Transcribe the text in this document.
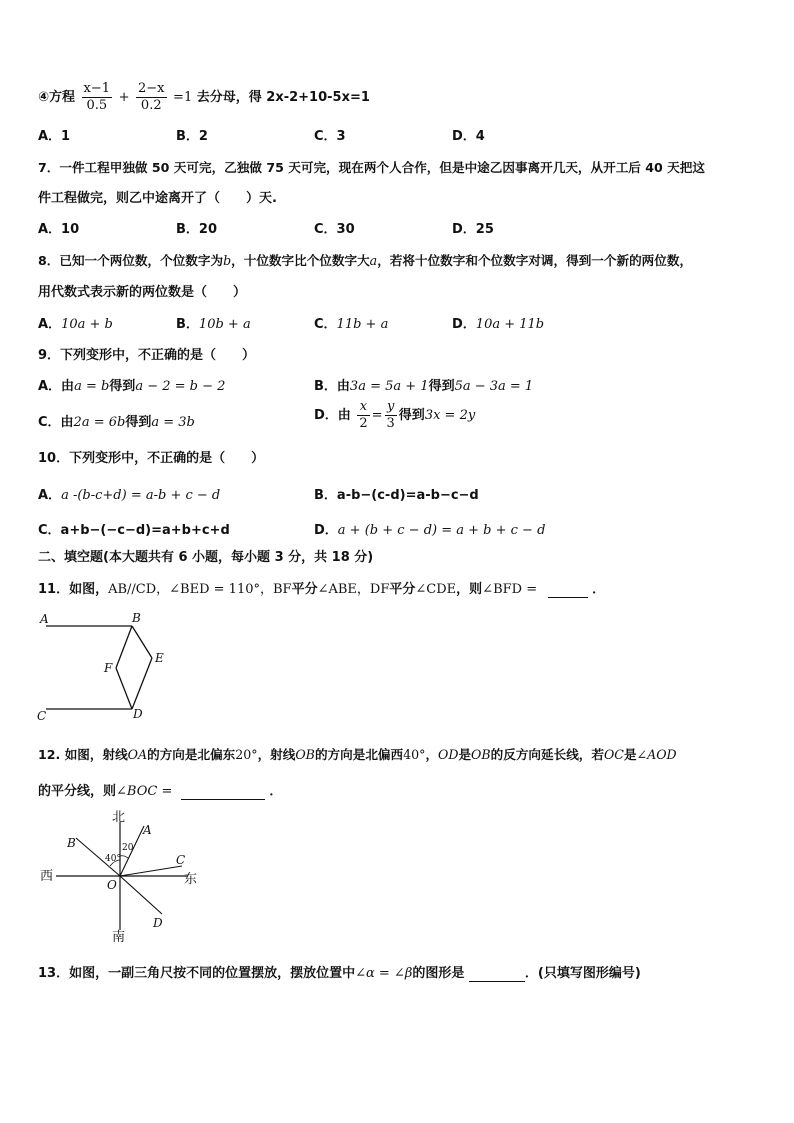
④方程 $\frac{x-1}{0.5} + \frac{2-x}{0.2} =1$ 去分母，得 2x-2+10-5x=1
A．1	B．2	C．3	D．4
7．一件工程甲独做 50 天可完，乙独做 75 天可完，现在两个人合作，但是中途乙因事离开几天，从开工后 40 天把这
件工程做完，则乙中途离开了（　　）天.
A．10	B．20	C．30	D．25
8．已知一个两位数，个位数字为b，十位数字比个位数字大a，若将十位数字和个位数字对调，得到一个新的两位数，
用代数式表示新的两位数是（　　）
A．10a + b	B．10b + a	C．11b + a	D．10a + 11b
9．下列变形中，不正确的是（　　）
A．由a = b得到a − 2 = b − 2	B．由3a = 5a + 1得到5a − 3a = 1
C．由2a = 6b得到a = 3b	D．由 $\frac{x}{2} = \frac{y}{3}$ 得到3x = 2y
10．下列变形中，不正确的是（　　）
A．a -(b-c+d) = a-b + c − d	B．a-b−(c-d)=a-b−c−d
C．a+b−(−c−d)=a+b+c+d	D．a + (b + c − d) = a + b + c − d
二、填空题(本大题共有 6 小题，每小题 3 分，共 18 分)
11．如图，AB//CD，∠BED = 110°，BF平分∠ABE，DF平分∠CDE，则∠BFD =	．
A	B
C	D
E
F
12. 如图，射线OA的方向是北偏东20°，射线OB的方向是北偏西40°，OD是OB的反方向延长线，若OC是∠AOD
的平分线，则∠BOC =	．
北
南
西	东
A
B
C
D
O
20
40°
13．如图，一副三角尺按不同的位置摆放，摆放位置中∠α = ∠β的图形是	．(只填写图形编号)
